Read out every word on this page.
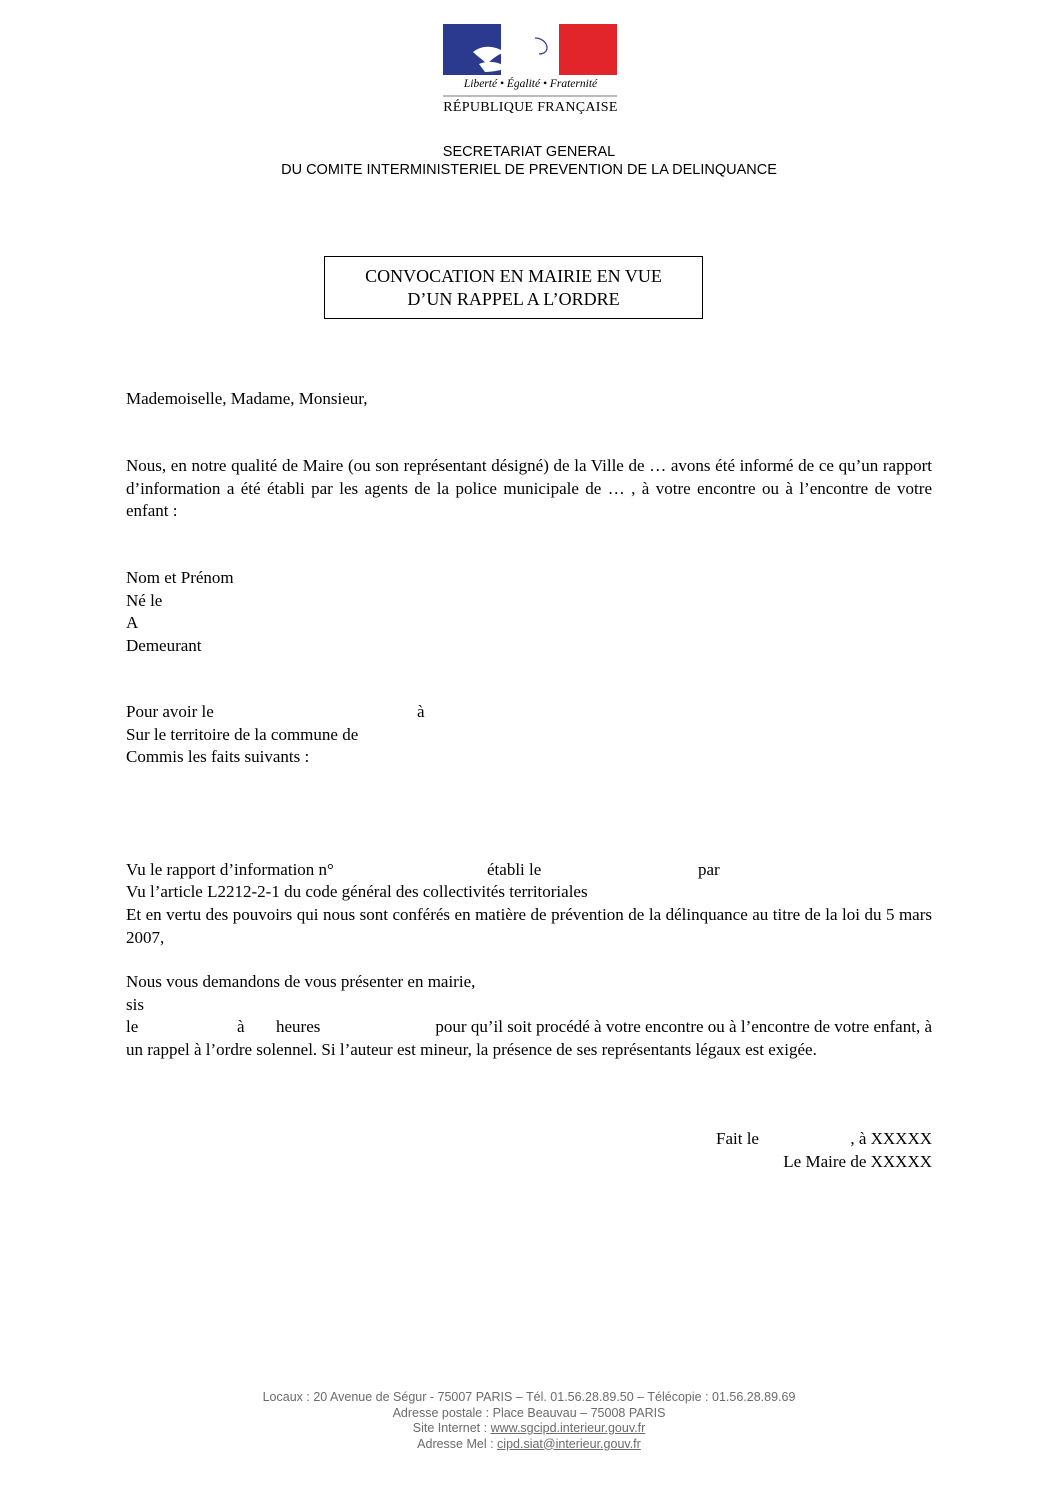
Liberté • Égalité • Fraternité
RÉPUBLIQUE FRANÇAISE
SECRETARIAT GENERAL
DU COMITE INTERMINISTERIEL DE PREVENTION DE LA DELINQUANCE
CONVOCATION EN MAIRIE EN VUE
D’UN RAPPEL A L’ORDRE
Mademoiselle, Madame, Monsieur,
Nous, en notre qualité de Maire (ou son représentant désigné) de la Ville de … avons été informé de ce qu’un rapport d’information a été établi par les agents de la police municipale de … , à votre encontre ou à l’encontre de votre enfant :
Nom et Prénom
Né le
A
Demeurant
Pour avoir le	à
Sur le territoire de la commune de
Commis les faits suivants :
Vu le rapport d’information n°	établi le	par
Vu l’article L2212-2-1 du code général des collectivités territoriales
Et en vertu des pouvoirs qui nous sont conférés en matière de prévention de la délinquance au titre de la loi du 5 mars 2007,
Nous vous demandons de vous présenter en mairie,
sis
le	à heures	pour qu’il soit procédé à votre encontre ou à l’encontre de votre enfant, à
un rappel à l’ordre solennel. Si l’auteur est mineur, la présence de ses représentants légaux est exigée.
Fait le	, à XXXXX
Le Maire de XXXXX
Locaux : 20 Avenue de Ségur - 75007 PARIS – Tél. 01.56.28.89.50 – Télécopie : 01.56.28.89.69
Adresse postale : Place Beauvau – 75008 PARIS
Site Internet : www.sgcipd.interieur.gouv.fr
Adresse Mel : cipd.siat@interieur.gouv.fr
